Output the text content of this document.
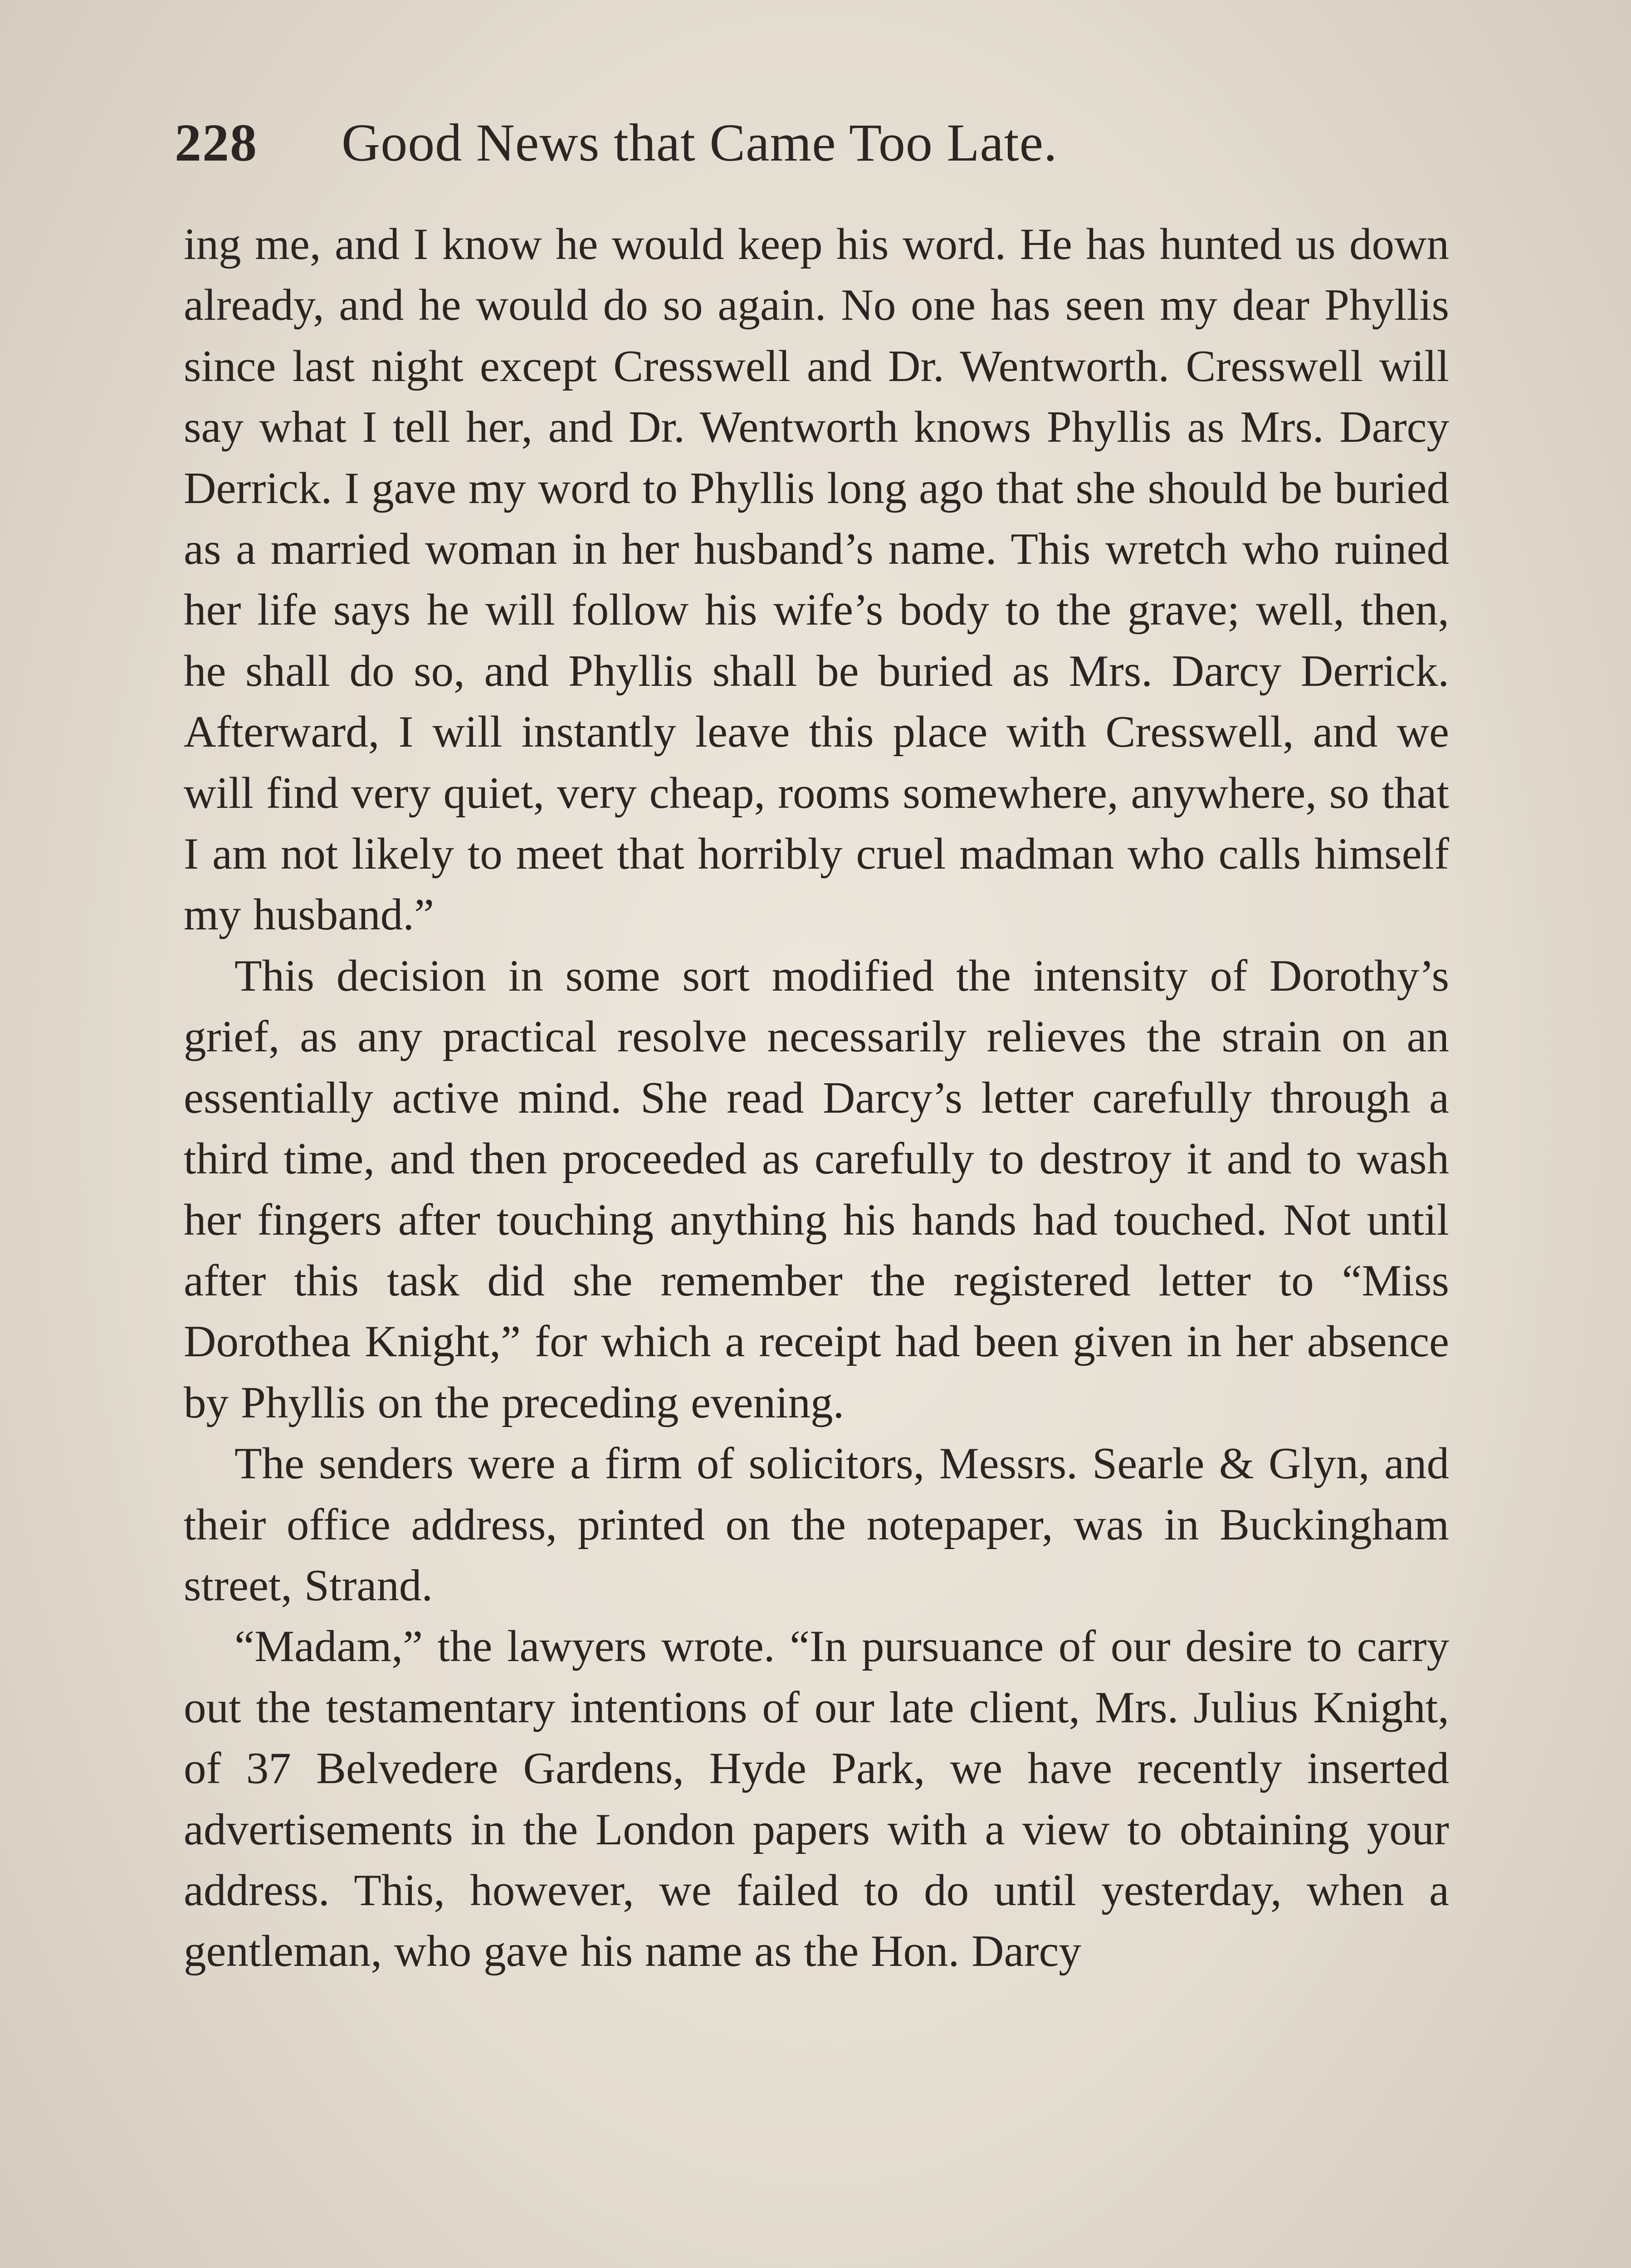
228 Good News that Came Too Late.

ing me, and I know he would keep his word. He has hunted us down already, and he would do so again. No one has seen my dear Phyllis since last night except Cresswell and Dr. Wentworth. Cresswell will say what I tell her, and Dr. Wentworth knows Phyllis as Mrs. Darcy Derrick. I gave my word to Phyllis long ago that she should be buried as a married woman in her husband’s name. This wretch who ruined her life says he will follow his wife’s body to the grave; well, then, he shall do so, and Phyllis shall be buried as Mrs. Darcy Derrick. Afterward, I will instantly leave this place with Cresswell, and we will find very quiet, very cheap, rooms somewhere, anywhere, so that I am not likely to meet that horribly cruel madman who calls himself my husband.”

This decision in some sort modified the intensity of Dorothy’s grief, as any practical resolve necessarily relieves the strain on an essentially active mind. She read Darcy’s letter carefully through a third time, and then proceeded as carefully to destroy it and to wash her fingers after touching anything his hands had touched. Not until after this task did she remember the registered letter to “Miss Dorothea Knight,” for which a receipt had been given in her absence by Phyllis on the preceding evening.

The senders were a firm of solicitors, Messrs. Searle & Glyn, and their office address, printed on the notepaper, was in Buckingham street, Strand.

“Madam,” the lawyers wrote. “In pursuance of our desire to carry out the testamentary intentions of our late client, Mrs. Julius Knight, of 37 Belvedere Gardens, Hyde Park, we have recently inserted advertisements in the London papers with a view to obtaining your address. This, however, we failed to do until yesterday, when a gentleman, who gave his name as the Hon. Darcy
